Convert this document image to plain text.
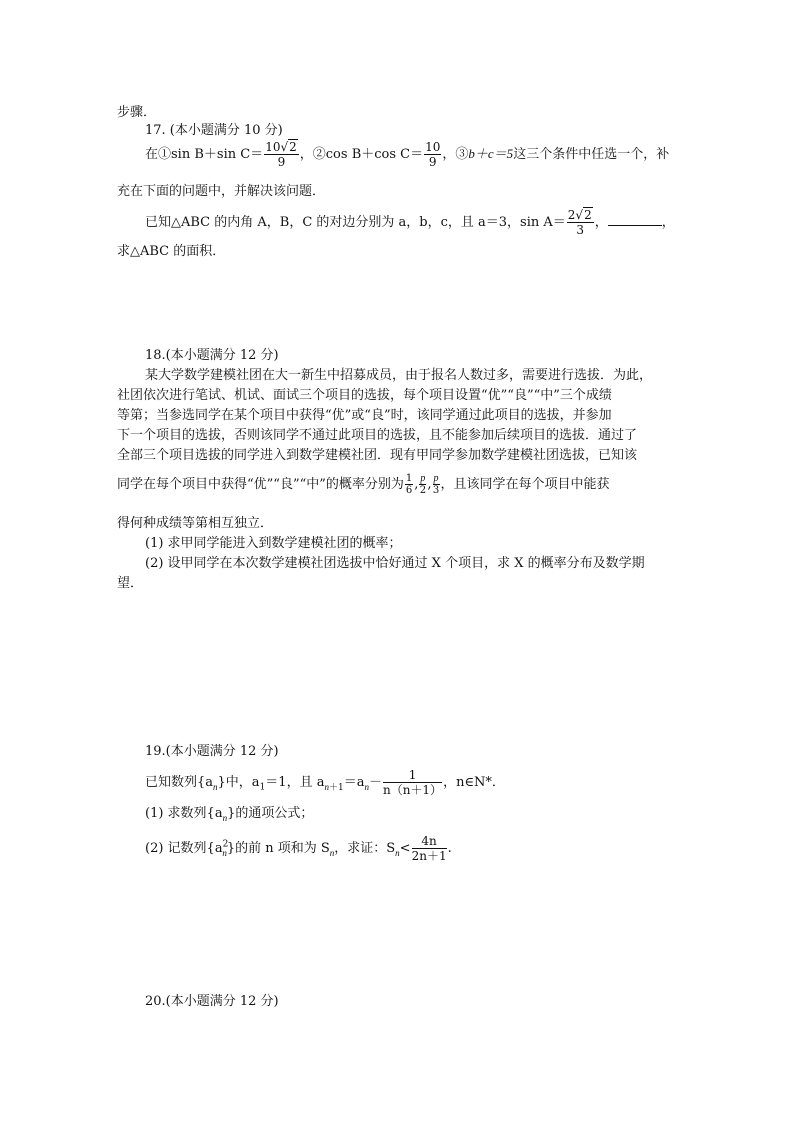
步骤．
17. (本小题满分 10 分)
在①sin B＋sin $C= \frac{10√2}{9}$ ，②cos B＋cos $C= \frac{10}{9}$ ，③b＋c＝5这三个条件中任选一个，补
充在下面的问题中，并解决该问题．
已知△ABC 的内角 A，B，C 的对边分别为 a，b，c，且 a＝3，$\sin A= \frac{2√2}{3}$ ，	，
求△ABC 的面积．
18.(本小题满分 12 分)
某大学数学建模社团在大一新生中招募成员，由于报名人数过多，需要进行选拔．为此，
社团依次进行笔试、机试、面试三个项目的选拔，每个项目设置“优”“良”“中”三个成绩
等第；当参选同学在某个项目中获得“优”或“良”时，该同学通过此项目的选拔，并参加
下一个项目的选拔，否则该同学不通过此项目的选拔，且不能参加后续项目的选拔．通过了
全部三个项目选拔的同学进入到数学建模社团．现有甲同学参加数学建模社团选拔，已知该
同学在每个项目中获得“优”“良”“中”的概率分别为 $\frac{1}{6}$ , $\frac{p}{2}$ , $\frac{p}{3}$ ，且该同学在每个项目中能获
得何种成绩等第相互独立．
(1) 求甲同学能进入到数学建模社团的概率；
(2) 设甲同学在本次数学建模社团选拔中恰好通过 X 个项目，求 X 的概率分布及数学期
望．
19.(本小题满分 12 分)
已知数列$\{a_n\}$中，$a_1=1$，且 $a_{n+1}=a_n- \frac{1}{n(n+1)}$ ，n∈N*．
(1) 求数列$\{a_n\}$的通项公式；
(2) 记数列$\{a^2_n\}$的前 n 项和为 $S_n$，求证：$S_n< \frac{4n}{2n+1}$ .
20.(本小题满分 12 分)
